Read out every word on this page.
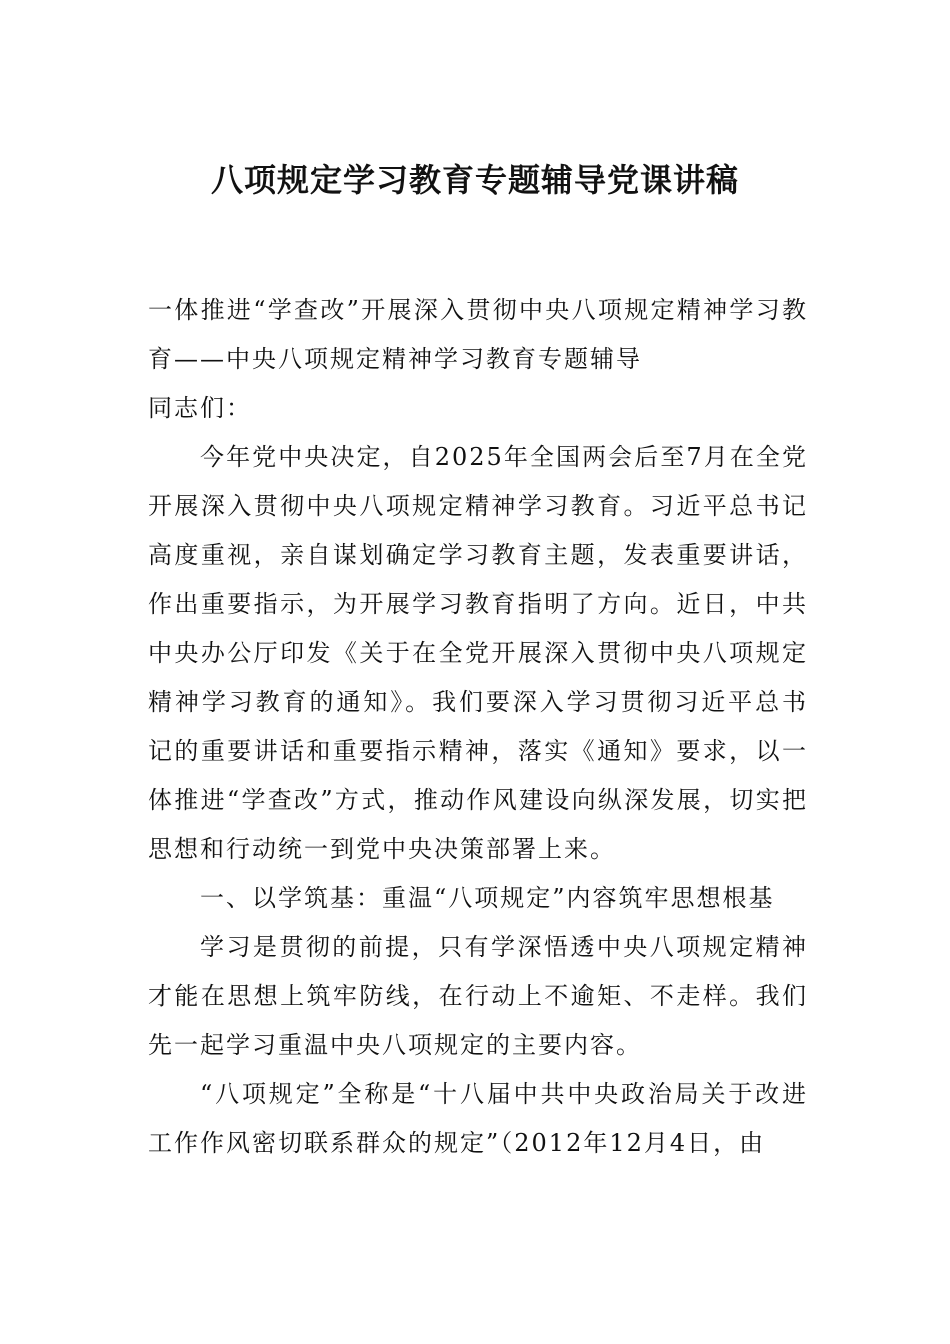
八项规定学习教育专题辅导党课讲稿

一体推进“学查改”开展深入贯彻中央八项规定精神学习教育——中央八项规定精神学习教育专题辅导

同志们：

今年党中央决定，自2025年全国两会后至7月在全党开展深入贯彻中央八项规定精神学习教育。习近平总书记高度重视，亲自谋划确定学习教育主题，发表重要讲话，作出重要指示，为开展学习教育指明了方向。近日，中共中央办公厅印发《关于在全党开展深入贯彻中央八项规定精神学习教育的通知》。我们要深入学习贯彻习近平总书记的重要讲话和重要指示精神，落实《通知》要求，以一体推进“学查改”方式，推动作风建设向纵深发展，切实把思想和行动统一到党中央决策部署上来。

一、以学筑基：重温“八项规定”内容筑牢思想根基

学习是贯彻的前提，只有学深悟透中央八项规定精神才能在思想上筑牢防线，在行动上不逾矩、不走样。我们先一起学习重温中央八项规定的主要内容。

“八项规定”全称是“十八届中共中央政治局关于改进工作作风密切联系群众的规定”（2012年12月4日，由
